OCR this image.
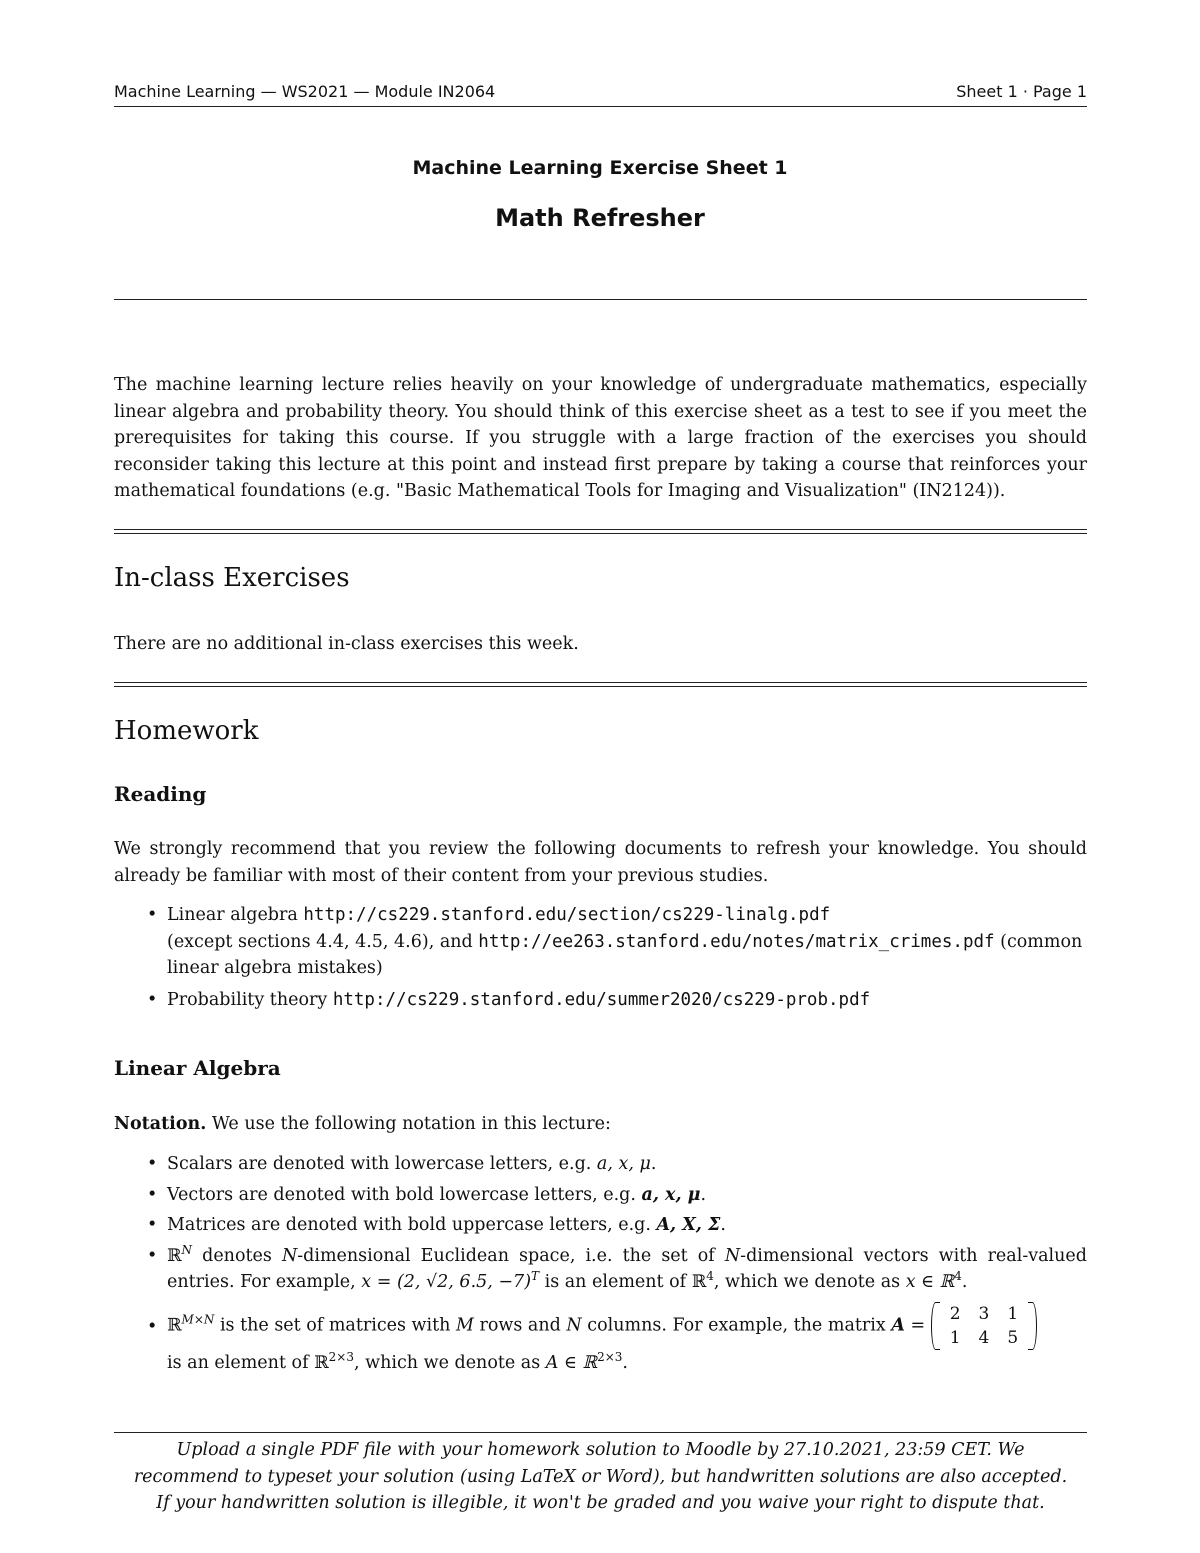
Machine Learning — WS2021 — Module IN2064	Sheet 1 · Page 1
Machine Learning Exercise Sheet 1
Math Refresher
The machine learning lecture relies heavily on your knowledge of undergraduate mathematics, especially linear algebra and probability theory. You should think of this exercise sheet as a test to see if you meet the prerequisites for taking this course. If you struggle with a large fraction of the exercises you should reconsider taking this lecture at this point and instead first prepare by taking a course that reinforces your mathematical foundations (e.g. "Basic Mathematical Tools for Imaging and Visualization" (IN2124)).
In-class Exercises
There are no additional in-class exercises this week.
Homework
Reading
We strongly recommend that you review the following documents to refresh your knowledge. You should already be familiar with most of their content from your previous studies.
• Linear algebra http://cs229.stanford.edu/section/cs229-linalg.pdf
(except sections 4.4, 4.5, 4.6), and http://ee263.stanford.edu/notes/matrix_crimes.pdf (common linear algebra mistakes)
• Probability theory http://cs229.stanford.edu/summer2020/cs229-prob.pdf
Linear Algebra
Notation. We use the following notation in this lecture:
• Scalars are denoted with lowercase letters, e.g. a, x, μ.
• Vectors are denoted with bold lowercase letters, e.g. a, x, μ.
• Matrices are denoted with bold uppercase letters, e.g. A, X, Σ.
• ℝ$^N$ denotes N-dimensional Euclidean space, i.e. the set of N-dimensional vectors with real-valued entries. For example, x = (2, √2, 6.5, −7)$^T$ is an element of ℝ$^4$, which we denote as x ∈ ℝ$^4$.
• ℝ$^{M\times N}$ is the set of matrices with M rows and N columns. For example, the matrix A =
2	3	1
1	4	5

is an element of ℝ$^{2\times 3}$, which we denote as A ∈ ℝ$^{2\times 3}$.
Upload a single PDF file with your homework solution to Moodle by 27.10.2021, 23:59 CET. We
recommend to typeset your solution (using LaTeX or Word), but handwritten solutions are also accepted.
If your handwritten solution is illegible, it won't be graded and you waive your right to dispute that.
